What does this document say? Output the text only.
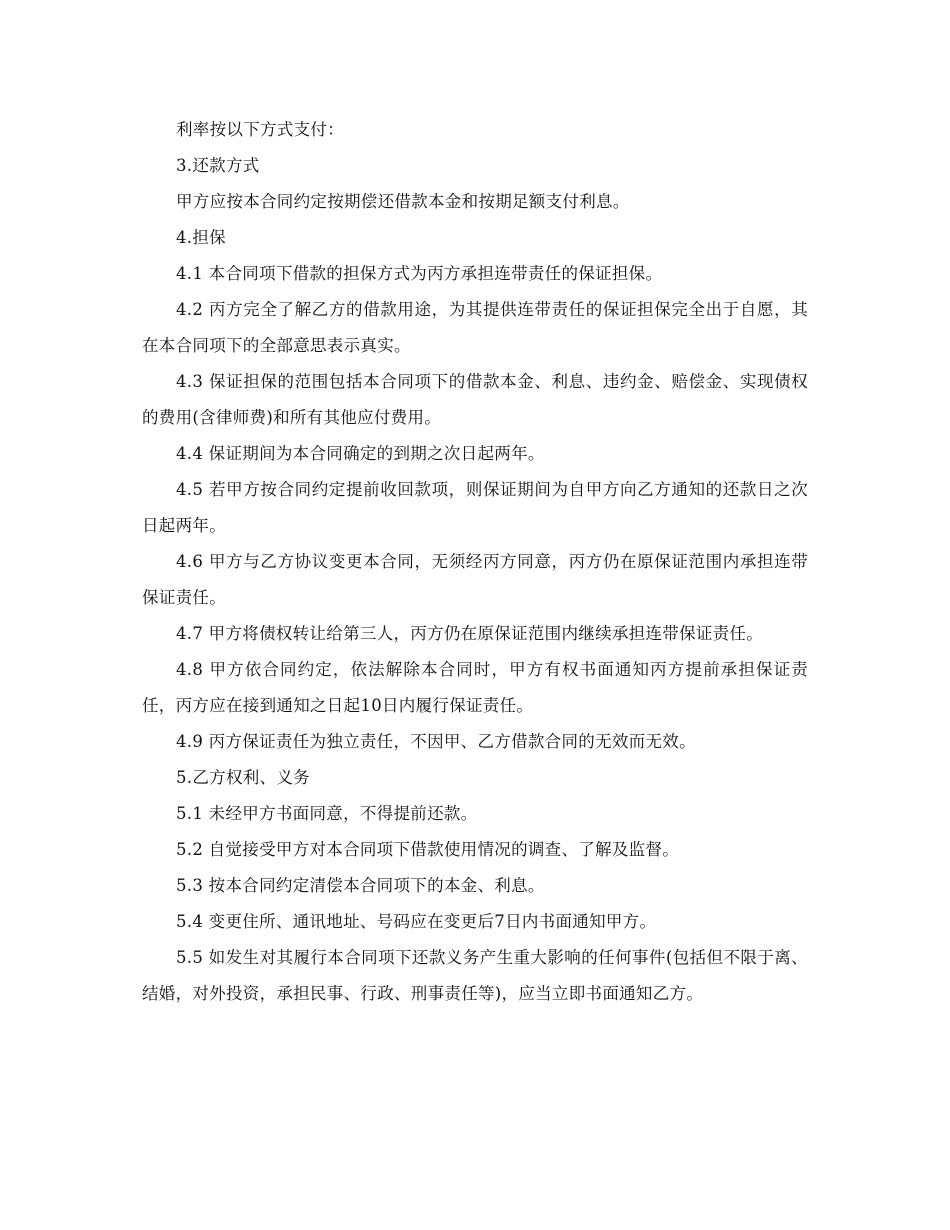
利率按以下方式支付：

3.还款方式

甲方应按本合同约定按期偿还借款本金和按期足额支付利息。

4.担保

4.1 本合同项下借款的担保方式为丙方承担连带责任的保证担保。

4.2 丙方完全了解乙方的借款用途，为其提供连带责任的保证担保完全出于自愿，其在本合同项下的全部意思表示真实。

4.3 保证担保的范围包括本合同项下的借款本金、利息、违约金、赔偿金、实现债权的费用(含律师费)和所有其他应付费用。

4.4 保证期间为本合同确定的到期之次日起两年。

4.5 若甲方按合同约定提前收回款项，则保证期间为自甲方向乙方通知的还款日之次日起两年。

4.6 甲方与乙方协议变更本合同，无须经丙方同意，丙方仍在原保证范围内承担连带保证责任。

4.7 甲方将债权转让给第三人，丙方仍在原保证范围内继续承担连带保证责任。

4.8 甲方依合同约定，依法解除本合同时，甲方有权书面通知丙方提前承担保证责任，丙方应在接到通知之日起10日内履行保证责任。

4.9 丙方保证责任为独立责任，不因甲、乙方借款合同的无效而无效。

5.乙方权利、义务

5.1 未经甲方书面同意，不得提前还款。

5.2 自觉接受甲方对本合同项下借款使用情况的调查、了解及监督。

5.3 按本合同约定清偿本合同项下的本金、利息。

5.4 变更住所、通讯地址、号码应在变更后7日内书面通知甲方。

5.5 如发生对其履行本合同项下还款义务产生重大影响的任何事件(包括但不限于离、结婚，对外投资，承担民事、行政、刑事责任等)，应当立即书面通知乙方。
